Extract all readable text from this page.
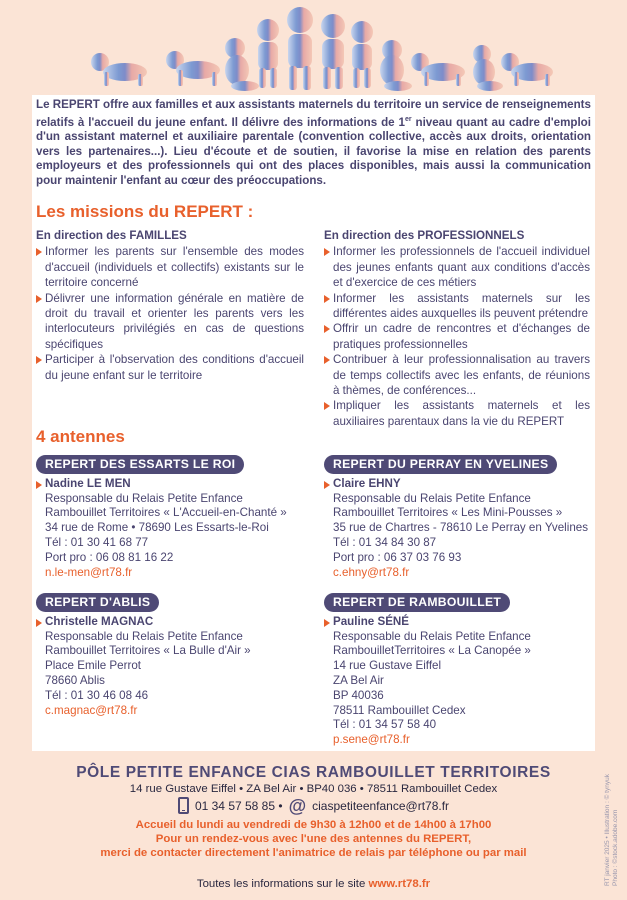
Le REPERT offre aux familles et aux assistants maternels du territoire un service de renseignements relatifs à l'accueil du jeune enfant. Il délivre des informations de 1er niveau quant au cadre d'emploi d'un assistant maternel et auxiliaire parentale (convention collective, accès aux droits, orientation vers les partenaires...). Lieu d'écoute et de soutien, il favorise la mise en relation des parents employeurs et des professionnels qui ont des places disponibles, mais aussi la communication pour maintenir l'enfant au cœur des préoccupations.

Les missions du REPERT :
En direction des FAMILLES
Informer les parents sur l'ensemble des modes d'accueil (individuels et collectifs) existants sur le territoire concerné
Délivrer une information générale en matière de droit du travail et orienter les parents vers les interlocuteurs privilégiés en cas de questions spécifiques
Participer à l'observation des conditions d'accueil du jeune enfant sur le territoire
En direction des PROFESSIONNELS
Informer les professionnels de l'accueil individuel des jeunes enfants quant aux conditions d'accès et d'exercice de ces métiers
Informer les assistants maternels sur les différentes aides auxquelles ils peuvent prétendre
Offrir un cadre de rencontres et d'échanges de pratiques professionnelles
Contribuer à leur professionnalisation au travers de temps collectifs avec les enfants, de réunions à thèmes, de conférences...
Impliquer les assistants maternels et les auxiliaires parentaux dans la vie du REPERT
4 antennes
REPERT DES ESSARTS LE ROI
Nadine LE MEN
Responsable du Relais Petite Enfance
Rambouillet Territoires « L'Accueil-en-Chanté »
34 rue de Rome • 78690 Les Essarts-le-Roi
Tél : 01 30 41 68 77
Port pro : 06 08 81 16 22
n.le-men@rt78.fr
REPERT DU PERRAY EN YVELINES
Claire EHNY
Responsable du Relais Petite Enfance
Rambouillet Territoires « Les Mini-Pousses »
35 rue de Chartres - 78610 Le Perray en Yvelines
Tél : 01 34 84 30 87
Port pro : 06 37 03 76 93
c.ehny@rt78.fr
REPERT D'ABLIS
Christelle MAGNAC
Responsable du Relais Petite Enfance
Rambouillet Territoires « La Bulle d'Air »
Place Emile Perrot
78660 Ablis
Tél : 01 30 46 08 46
c.magnac@rt78.fr
REPERT DE RAMBOUILLET
Pauline SÉNÉ
Responsable du Relais Petite Enfance
RambouilletTerritoires « La Canopée »
14 rue Gustave Eiffel
ZA Bel Air
BP 40036
78511 Rambouillet Cedex
Tél : 01 34 57 58 40
p.sene@rt78.fr
PÔLE PETITE ENFANCE CIAS RAMBOUILLET TERRITOIRES
14 rue Gustave Eiffel • ZA Bel Air • BP40 036 • 78511 Rambouillet Cedex
01 34 57 58 85 • @ ciaspetiteenfance@rt78.fr
Accueil du lundi au vendredi de 9h30 à 12h00 et de 14h00 à 17h00
Pour un rendez-vous avec l'une des antennes du REPERT,
merci de contacter directement l'animatrice de relais par téléphone ou par mail
Toutes les informations sur le site www.rt78.fr	RT janvier 2025 • Illustration : © tynyuk Photo : ©stock.adobe.com
